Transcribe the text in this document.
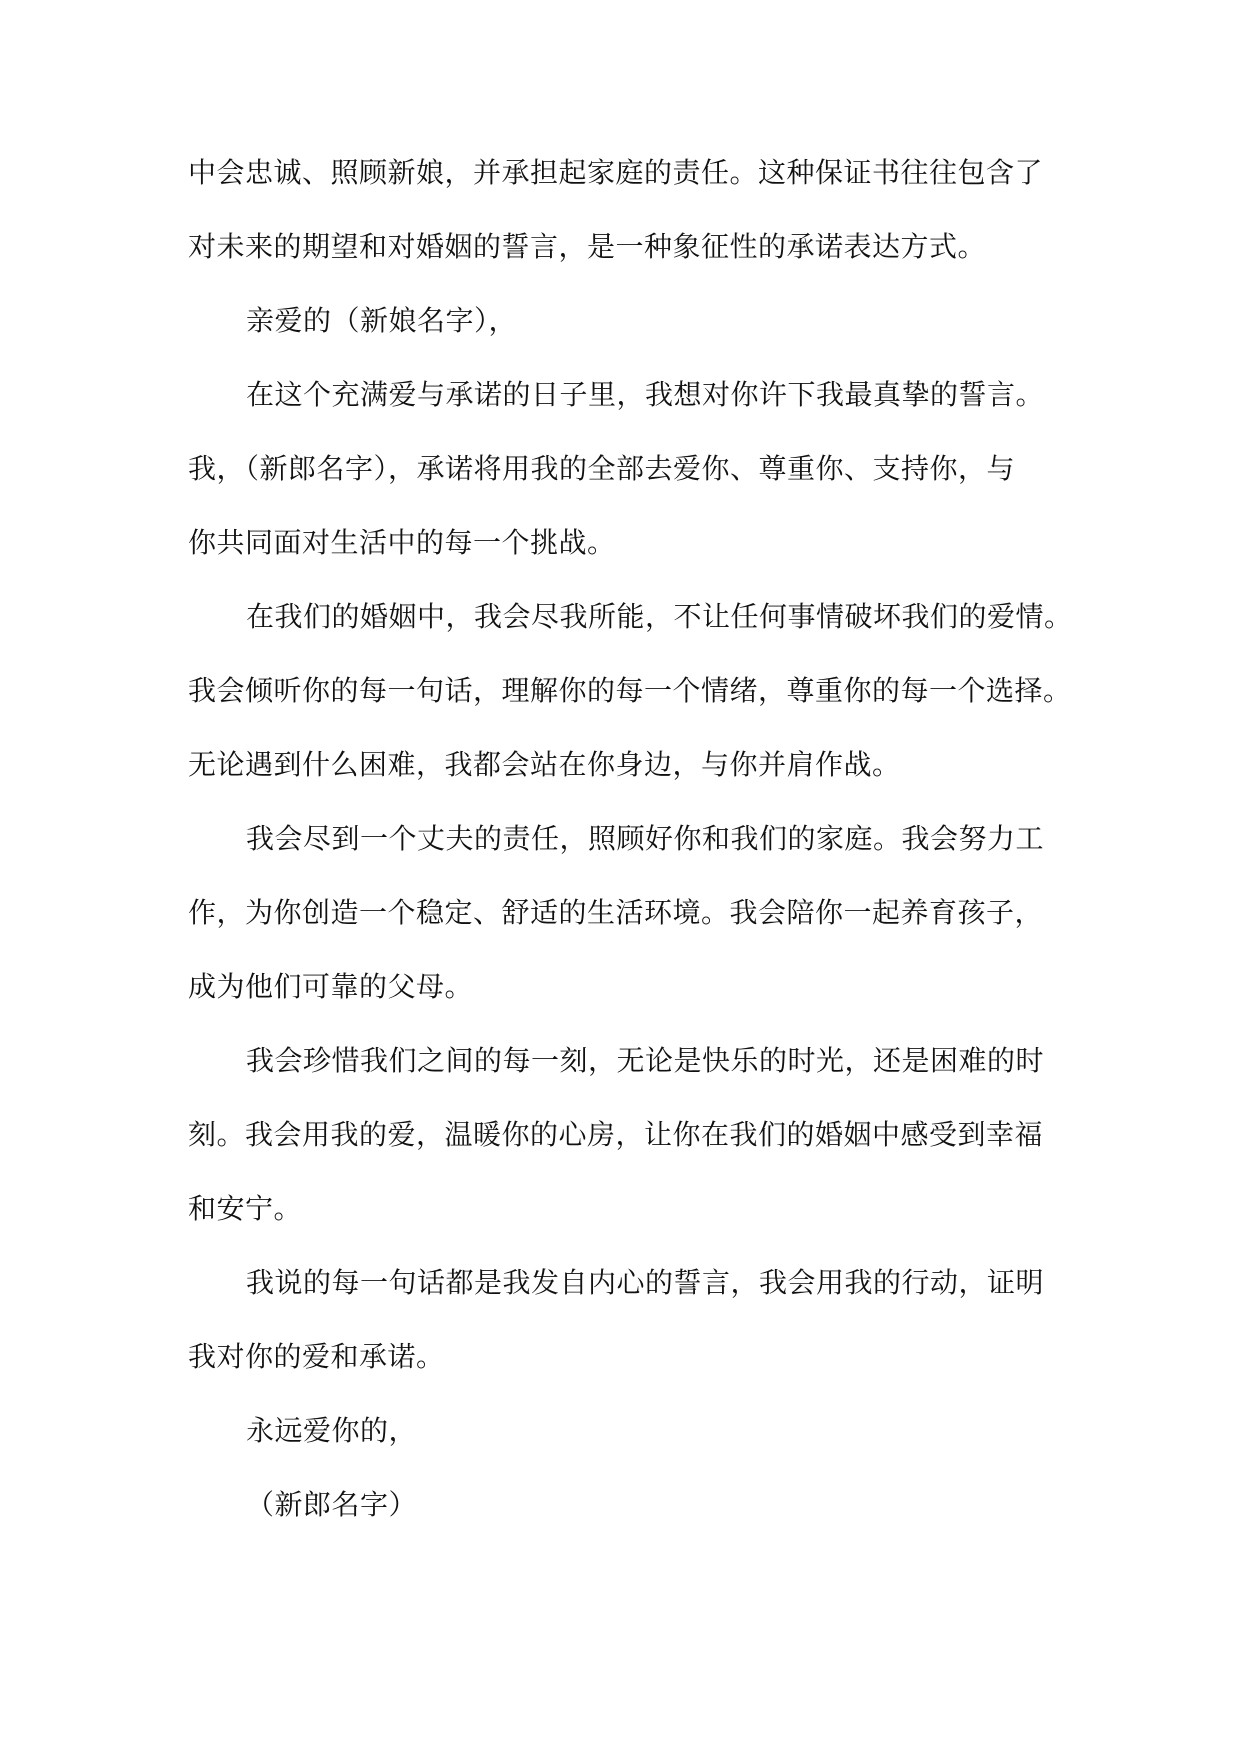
中会忠诚、照顾新娘，并承担起家庭的责任。这种保证书往往包含了
对未来的期望和对婚姻的誓言，是一种象征性的承诺表达方式。
亲爱的（新娘名字），
在这个充满爱与承诺的日子里，我想对你许下我最真挚的誓言。
我，（新郎名字），承诺将用我的全部去爱你、尊重你、支持你，与
你共同面对生活中的每一个挑战。
在我们的婚姻中，我会尽我所能，不让任何事情破坏我们的爱情。
我会倾听你的每一句话，理解你的每一个情绪，尊重你的每一个选择。
无论遇到什么困难，我都会站在你身边，与你并肩作战。
我会尽到一个丈夫的责任，照顾好你和我们的家庭。我会努力工
作，为你创造一个稳定、舒适的生活环境。我会陪你一起养育孩子，
成为他们可靠的父母。
我会珍惜我们之间的每一刻，无论是快乐的时光，还是困难的时
刻。我会用我的爱，温暖你的心房，让你在我们的婚姻中感受到幸福
和安宁。
我说的每一句话都是我发自内心的誓言，我会用我的行动，证明
我对你的爱和承诺。
永远爱你的，
（新郎名字）
